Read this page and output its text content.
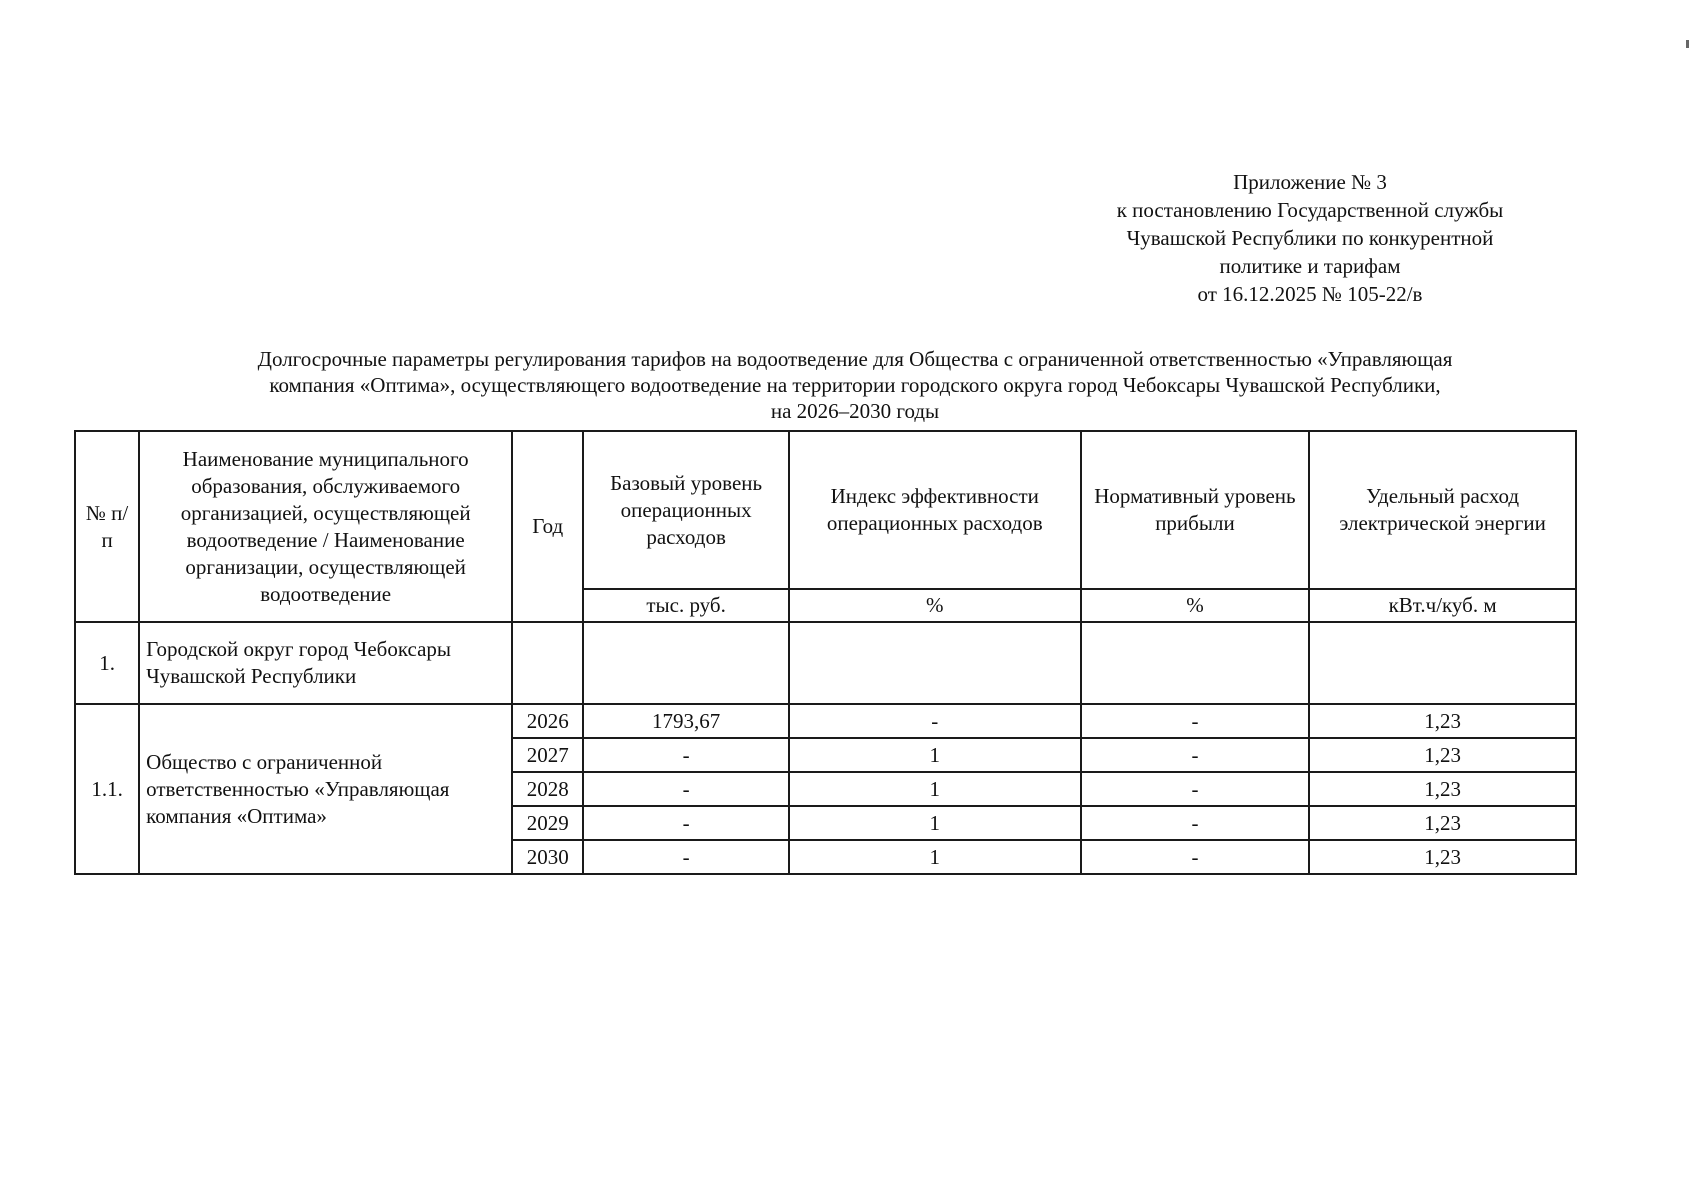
Приложение № 3
к постановлению Государственной службы
Чувашской Республики по конкурентной
политике и тарифам
от 16.12.2025 № 105-22/в
Долгосрочные параметры регулирования тарифов на водоотведение для Общества с ограниченной ответственностью «Управляющая
компания «Оптима», осуществляющего водоотведение на территории городского округа город Чебоксары Чувашской Республики,
на 2026–2030 годы
№ п/п	Наименование муниципального образования, обслуживаемого организацией, осуществляющей водоотведение / Наименование организации, осуществляющей водоотведение	Год	Базовый уровень операционных расходов	Индекс эффективности операционных расходов	Нормативный уровень прибыли	Удельный расход электрической энергии
			тыс. руб.	%	%	кВт.ч/куб. м
1.	Городской округ город Чебоксары Чувашской Республики					
1.1.	Общество с ограниченной ответственностью «Управляющая компания «Оптима»	2026	1793,67	-	-	1,23
		2027	-	1	-	1,23
		2028	-	1	-	1,23
		2029	-	1	-	1,23
		2030	-	1	-	1,23
